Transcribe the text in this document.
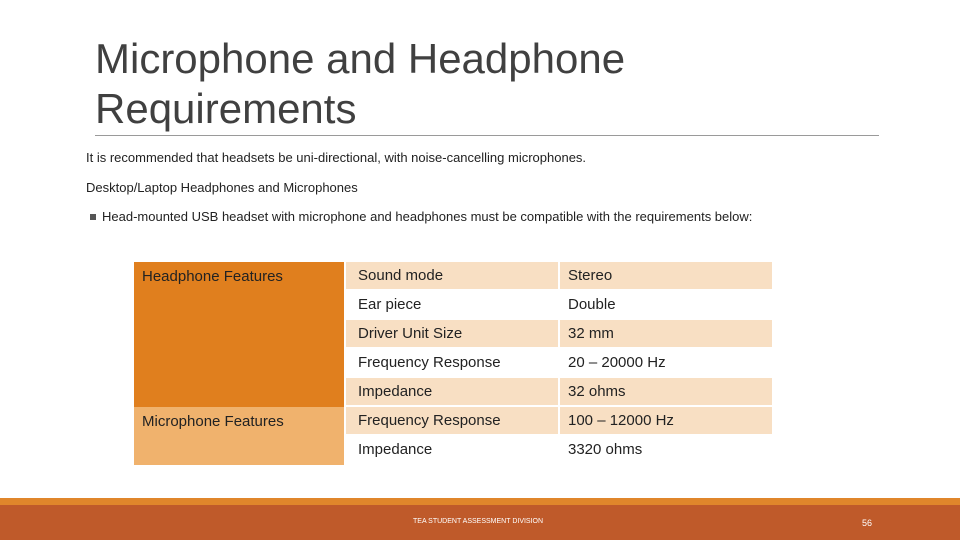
Microphone and Headphone Requirements
It is recommended that headsets be uni-directional, with noise-cancelling microphones.
Desktop/Laptop Headphones and Microphones
Head-mounted USB headset with microphone and headphones must be compatible with the requirements below:
Headphone Features	Sound mode	Stereo
	Ear piece	Double
	Driver Unit Size	32 mm
	Frequency Response	20 – 20000 Hz
	Impedance	32 ohms
Microphone Features	Frequency Response	100 – 12000 Hz
	Impedance	3320 ohms
TEA STUDENT ASSESSMENT DIVISION	56
